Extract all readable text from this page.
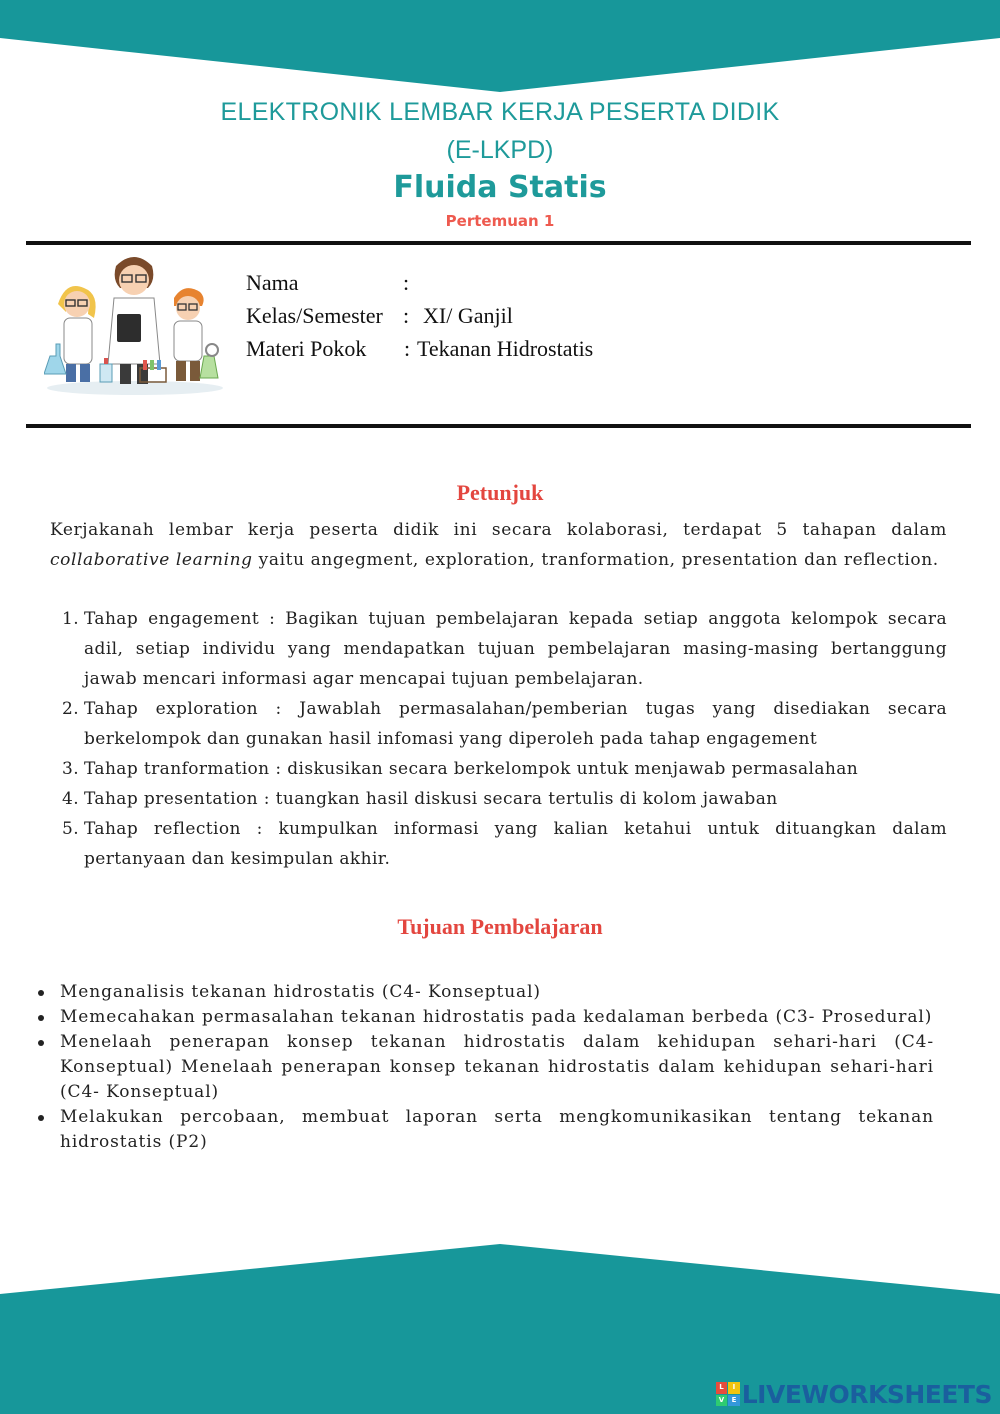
ELEKTRONIK LEMBAR KERJA PESERTA DIDIK
(E-LKPD)
Fluida Statis
Pertemuan 1
Nama	:
Kelas/Semester : XI/ Ganjil
Materi Pokok : Tekanan Hidrostatis
Petunjuk
Kerjakanah lembar kerja peserta didik ini secara kolaborasi, terdapat 5 tahapan dalam collaborative learning yaitu angegment, exploration, tranformation, presentation dan reflection.
1. Tahap engagement : Bagikan tujuan pembelajaran kepada setiap anggota kelompok secara adil, setiap individu yang mendapatkan tujuan pembelajaran masing-masing bertanggung jawab mencari informasi agar mencapai tujuan pembelajaran.
2. Tahap exploration : Jawablah permasalahan/pemberian tugas yang disediakan secara berkelompok dan gunakan hasil infomasi yang diperoleh pada tahap engagement
3. Tahap tranformation : diskusikan secara berkelompok untuk menjawab permasalahan
4. Tahap presentation : tuangkan hasil diskusi secara tertulis di kolom jawaban
5. Tahap reflection : kumpulkan informasi yang kalian ketahui untuk dituangkan dalam pertanyaan dan kesimpulan akhir.
Tujuan Pembelajaran
Menganalisis tekanan hidrostatis (C4- Konseptual)
Memecahakan permasalahan tekanan hidrostatis pada kedalaman berbeda (C3- Prosedural)
Menelaah penerapan konsep tekanan hidrostatis dalam kehidupan sehari-hari (C4- Konseptual) Menelaah penerapan konsep tekanan hidrostatis dalam kehidupan sehari-hari (C4- Konseptual)
Melakukan percobaan, membuat laporan serta mengkomunikasikan tentang tekanan hidrostatis (P2)
L	I
V	E LIVEWORKSHEETS
